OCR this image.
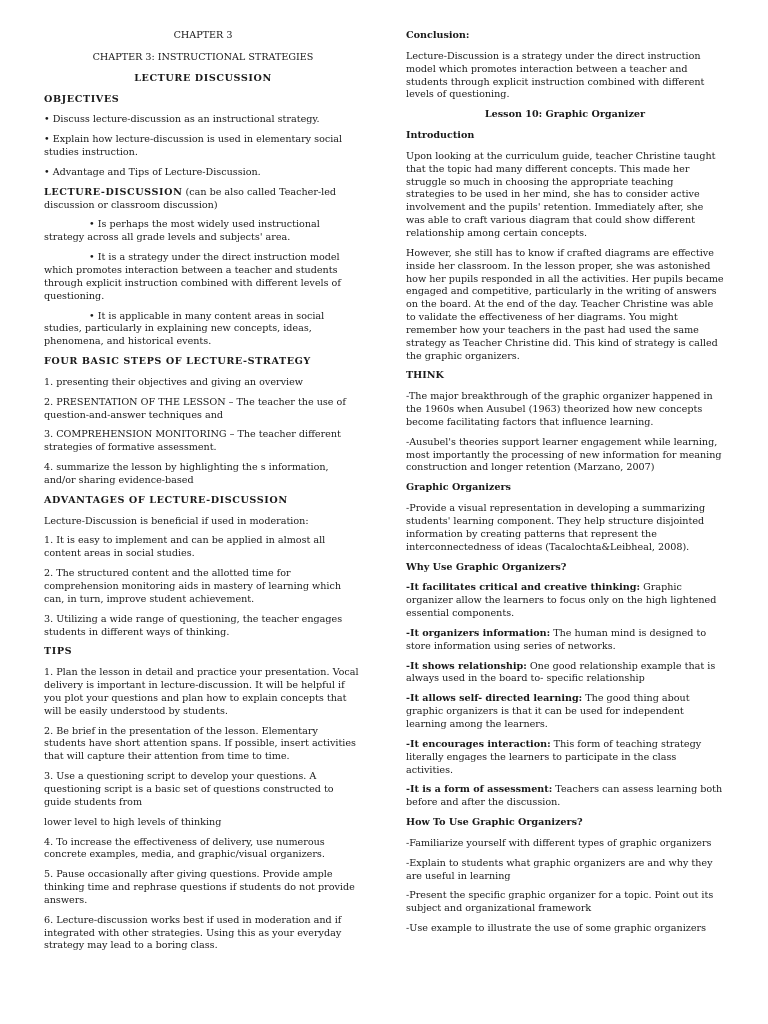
CHAPTER 3

CHAPTER 3: INSTRUCTIONAL STRATEGIES

LECTURE DISCUSSION

OBJECTIVES

• Discuss lecture-discussion as an instructional strategy.

• Explain how lecture-discussion is used in elementary social studies instruction.

• Advantage and Tips of Lecture-Discussion.

LECTURE-DISCUSSION (can be also called Teacher-led discussion or classroom discussion)

• Is perhaps the most widely used instructional strategy across all grade levels and subjects' area.

• It is a strategy under the direct instruction model which promotes interaction between a teacher and students through explicit instruction combined with different levels of questioning.

• It is applicable in many content areas in social studies, particularly in explaining new concepts, ideas, phenomena, and historical events.

FOUR BASIC STEPS OF LECTURE-STRATEGY

1. presenting their objectives and giving an overview

2. PRESENTATION OF THE LESSON – The teacher the use of question-and-answer techniques and

3. COMPREHENSION MONITORING – The teacher different strategies of formative assessment.

4. summarize the lesson by highlighting the s information, and/or sharing evidence-based

ADVANTAGES OF LECTURE-DISCUSSION

Lecture-Discussion is beneficial if used in moderation:

1. It is easy to implement and can be applied in almost all content areas in social studies.

2. The structured content and the allotted time for comprehension monitoring aids in mastery of learning which can, in turn, improve student achievement.

3. Utilizing a wide range of questioning, the teacher engages students in different ways of thinking.

TIPS

1. Plan the lesson in detail and practice your presentation. Vocal delivery is important in lecture-discussion. It will be helpful if you plot your questions and plan how to explain concepts that will be easily understood by students.

2. Be brief in the presentation of the lesson. Elementary students have short attention spans. If possible, insert activities that will capture their attention from time to time.

3. Use a questioning script to develop your questions. A questioning script is a basic set of questions constructed to guide students from

lower level to high levels of thinking

4. To increase the effectiveness of delivery, use numerous concrete examples, media, and graphic/visual organizers.

5. Pause occasionally after giving questions. Provide ample thinking time and rephrase questions if students do not provide answers.

6. Lecture-discussion works best if used in moderation and if integrated with other strategies. Using this as your everyday strategy may lead to a boring class.

Conclusion:

Lecture-Discussion is a strategy under the direct instruction model which promotes interaction between a teacher and students through explicit instruction combined with different levels of questioning.

Lesson 10: Graphic Organizer

Introduction

Upon looking at the curriculum guide, teacher Christine taught that the topic had many different concepts. This made her struggle so much in choosing the appropriate teaching strategies to be used in her mind, she has to consider active involvement and the pupils' retention. Immediately after, she was able to craft various diagram that could show different relationship among certain concepts.

However, she still has to know if crafted diagrams are effective inside her classroom. In the lesson proper, she was astonished how her pupils responded in all the activities. Her pupils became engaged and competitive, particularly in the writing of answers on the board. At the end of the day. Teacher Christine was able to validate the effectiveness of her diagrams. You might remember how your teachers in the past had used the same strategy as Teacher Christine did. This kind of strategy is called the graphic organizers.

THINK

-The major breakthrough of the graphic organizer happened in the 1960s when Ausubel (1963) theorized how new concepts become facilitating factors that influence learning.

-Ausubel's theories support learner engagement while learning, most importantly the processing of new information for meaning construction and longer retention (Marzano, 2007)

Graphic Organizers

-Provide a visual representation in developing a summarizing students' learning component. They help structure disjointed information by creating patterns that represent the interconnectedness of ideas (Tacalochta&Leibheal, 2008).

Why Use Graphic Organizers?

-It facilitates critical and creative thinking: Graphic organizer allow the learners to focus only on the high lightened essential components.

-It organizers information: The human mind is designed to store information using series of networks.

-It shows relationship: One good relationship example that is always used in the board to- specific relationship

-It allows self- directed learning: The good thing about graphic organizers is that it can be used for independent learning among the learners.

-It encourages interaction: This form of teaching strategy literally engages the learners to participate in the class activities.

-It is a form of assessment: Teachers can assess learning both before and after the discussion.

How To Use Graphic Organizers?

-Familiarize yourself with different types of graphic organizers

-Explain to students what graphic organizers are and why they are useful in learning

-Present the specific graphic organizer for a topic. Point out its subject and organizational framework

-Use example to illustrate the use of some graphic organizers
